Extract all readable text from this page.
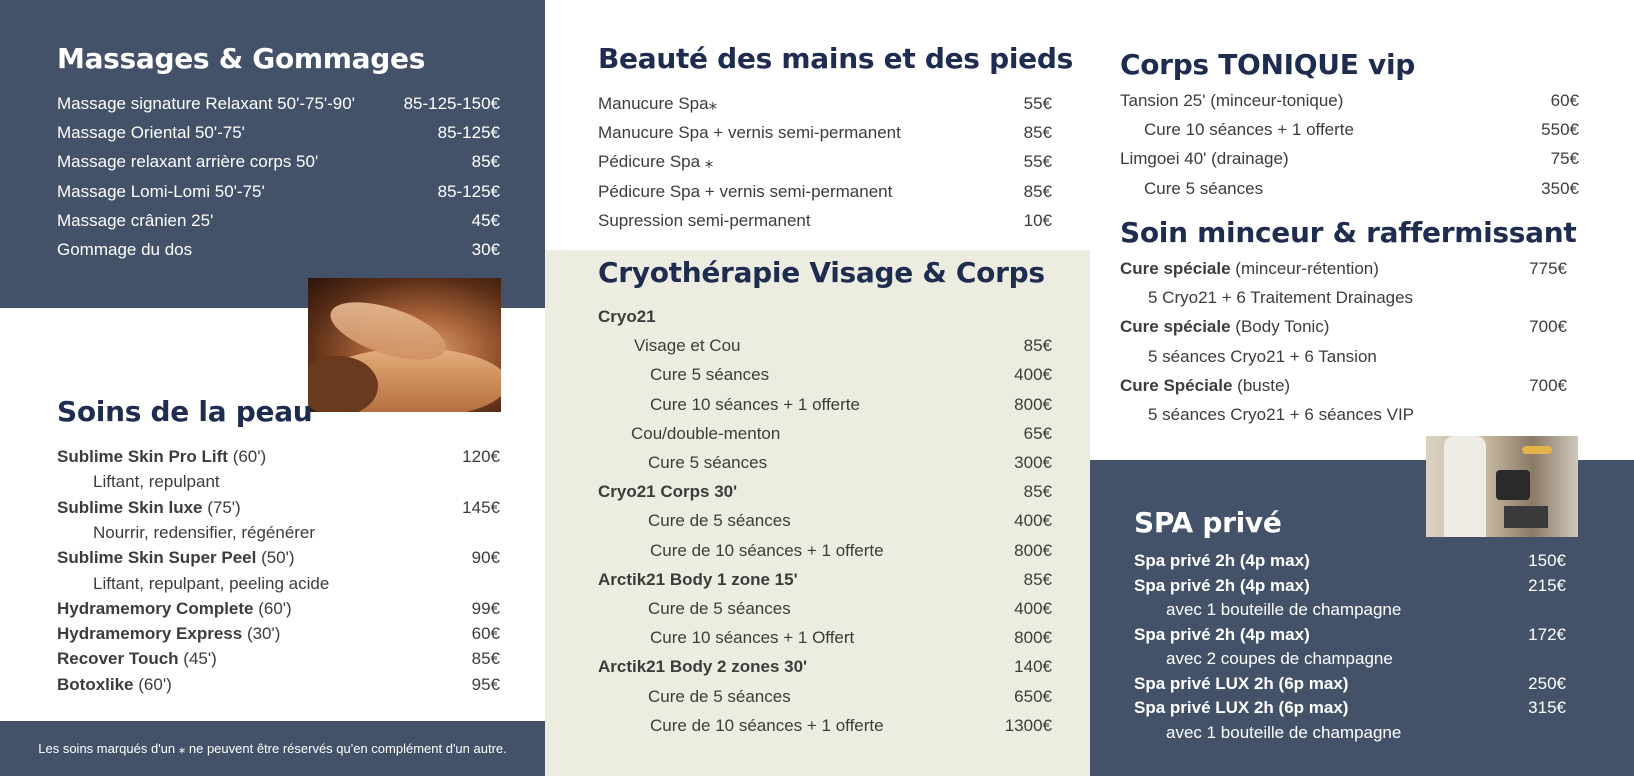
Les soins marqués d'un ⁎ ne peuvent être réservés qu'en complément d'un autre.
Massages & Gommages
Soins de la peau
Beauté des mains et des pieds
Cryothérapie Visage & Corps
Corps TONIQUE vip
Soin minceur & raffermissant
SPA privé
Massage signature Relaxant 50'-75'-90'	85-125-150€
Massage Oriental 50'-75'	85-125€
Massage relaxant arrière corps 50'	85€
Massage Lomi-Lomi 50'-75'	85-125€
Massage crânien 25'	45€
Gommage du dos	30€
Sublime Skin Pro Lift (60')	120€
Liftant, repulpant
Sublime Skin luxe (75')	145€
Nourrir, redensifier, régénérer
Sublime Skin Super Peel (50')	90€
Liftant, repulpant, peeling acide
Hydramemory Complete (60')	99€
Hydramemory Express (30')	60€
Recover Touch (45')	85€
Botoxlike (60')	95€
Manucure Spa⁎	55€
Manucure Spa + vernis semi-permanent	85€
Pédicure Spa ⁎	55€
Pédicure Spa + vernis semi-permanent	85€
Supression semi-permanent	10€
Cryo21
Visage et Cou	85€
Cure 5 séances	400€
Cure 10 séances + 1 offerte	800€
Cou/double-menton	65€
Cure 5 séances	300€
Cryo21 Corps 30'	85€
Cure de 5 séances	400€
Cure de 10 séances + 1 offerte	800€
Arctik21 Body 1 zone 15'	85€
Cure de 5 séances	400€
Cure 10 séances + 1 Offert	800€
Arctik21 Body 2 zones 30'	140€
Cure de 5 séances	650€
Cure de 10 séances + 1 offerte	1300€
Tansion 25' (minceur-tonique)	60€
Cure 10 séances + 1 offerte	550€
Limgoei 40' (drainage)	75€
Cure 5 séances	350€
Cure spéciale (minceur-rétention)	775€
5 Cryo21 + 6 Traitement Drainages
Cure spéciale (Body Tonic)	700€
5 séances Cryo21 + 6 Tansion
Cure Spéciale (buste)	700€
5 séances Cryo21 + 6 séances VIP
Spa privé 2h (4p max)	150€
Spa privé 2h (4p max)	215€
avec 1 bouteille de champagne
Spa privé 2h (4p max)	172€
avec 2 coupes de champagne
Spa privé LUX 2h (6p max)	250€
Spa privé LUX 2h (6p max)	315€
avec 1 bouteille de champagne
